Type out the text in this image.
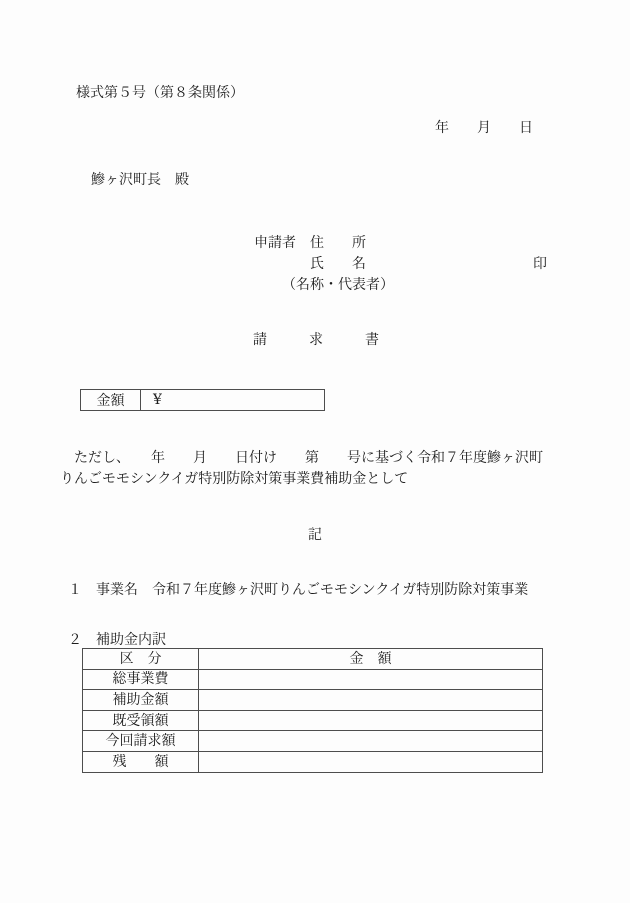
様式第５号（第８条関係）
年　　月　　日
鰺ヶ沢町長　殿
申請者　住　　所
氏　　名	印
（名称・代表者）
請　　　求　　　書
金額	¥
　ただし、　　年　　月　　日付け　　第　　号に基づく令和７年度鰺ヶ沢町
りんごモモシンクイガ特別防除対策事業費補助金として
記
１　事業名　令和７年度鰺ヶ沢町りんごモモシンクイガ特別防除対策事業
２　補助金内訳
区　分	金　額
総事業費	
補助金額	
既受領額	
今回請求額	
残　　額	
